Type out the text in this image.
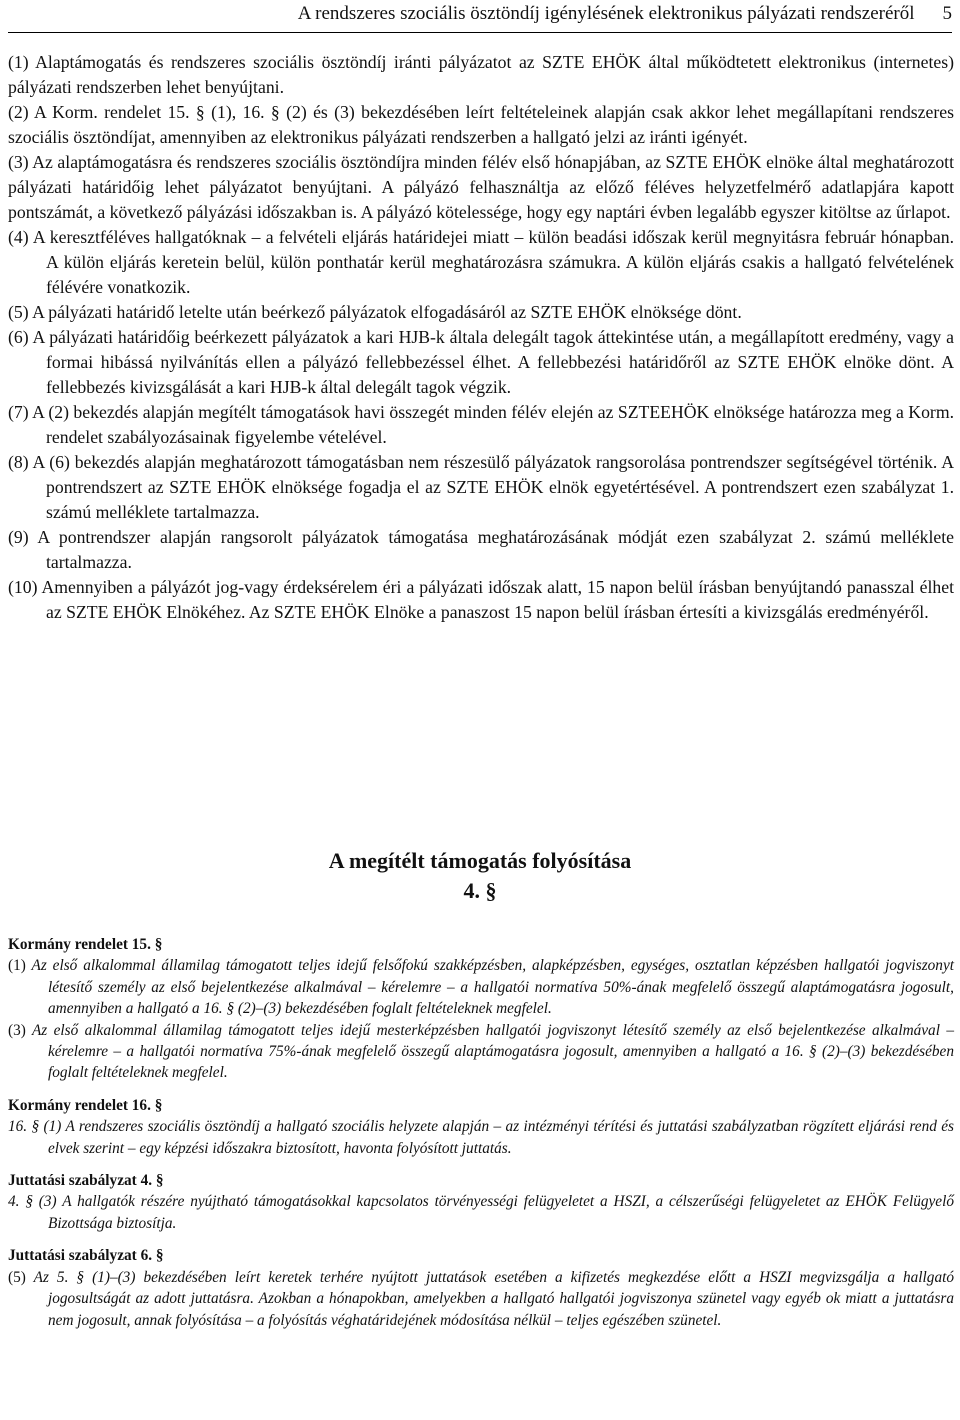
A rendszeres szociális ösztöndíj igénylésének elektronikus pályázati rendszeréről 5

(1) Alaptámogatás és rendszeres szociális ösztöndíj iránti pályázatot az SZTE EHÖK által működtetett elektronikus (internetes) pályázati rendszerben lehet benyújtani.

(2) A Korm. rendelet 15. § (1), 16. § (2) és (3) bekezdésében leírt feltételeinek alapján csak akkor lehet megállapítani rendszeres szociális ösztöndíjat, amennyiben az elektronikus pályázati rendszerben a hallgató jelzi az iránti igényét.

(3) Az alaptámogatásra és rendszeres szociális ösztöndíjra minden félév első hónapjában, az SZTE EHÖK elnöke által meghatározott pályázati határidőig lehet pályázatot benyújtani. A pályázó felhasználtja az előző féléves helyzetfelmérő adatlapjára kapott pontszámát, a következő pályázási időszakban is. A pályázó kötelessége, hogy egy naptári évben legalább egyszer kitöltse az űrlapot.

(4) A keresztféléves hallgatóknak – a felvételi eljárás határidejei miatt – külön beadási időszak kerül megnyitásra február hónapban. A külön eljárás keretein belül, külön ponthatár kerül meghatározásra számukra. A külön eljárás csakis a hallgató felvételének félévére vonatkozik.

(5) A pályázati határidő letelte után beérkező pályázatok elfogadásáról az SZTE EHÖK elnöksége dönt.

(6) A pályázati határidőig beérkezett pályázatok a kari HJB-k általa delegált tagok áttekintése után, a megállapított eredmény, vagy a formai hibássá nyilvánítás ellen a pályázó fellebbezéssel élhet. A fellebbezési határidőről az SZTE EHÖK elnöke dönt. A fellebbezés kivizsgálását a kari HJB-k által delegált tagok végzik.

(7) A (2) bekezdés alapján megítélt támogatások havi összegét minden félév elején az SZTEEHÖK elnöksége határozza meg a Korm. rendelet szabályozásainak figyelembe vételével.

(8) A (6) bekezdés alapján meghatározott támogatásban nem részesülő pályázatok rangsorolása pontrendszer segítségével történik. A pontrendszert az SZTE EHÖK elnöksége fogadja el az SZTE EHÖK elnök egyetértésével. A pontrendszert ezen szabályzat 1. számú melléklete tartalmazza.

(9) A pontrendszer alapján rangsorolt pályázatok támogatása meghatározásának módját ezen szabályzat 2. számú melléklete tartalmazza.

(10) Amennyiben a pályázót jog-vagy érdeksérelem éri a pályázati időszak alatt, 15 napon belül írásban benyújtandó panasszal élhet az SZTE EHÖK Elnökéhez. Az SZTE EHÖK Elnöke a panaszost 15 napon belül írásban értesíti a kivizsgálás eredményéről.

A megítélt támogatás folyósítása
4. §

Kormány rendelet 15. §

(1) Az első alkalommal államilag támogatott teljes idejű felsőfokú szakképzésben, alapképzésben, egységes, osztatlan képzésben hallgatói jogviszonyt létesítő személy az első bejelentkezése alkalmával – kérelemre – a hallgatói normatíva 50%-ának megfelelő összegű alaptámogatásra jogosult, amennyiben a hallgató a 16. § (2)–(3) bekezdésében foglalt feltételeknek megfelel.

(3) Az első alkalommal államilag támogatott teljes idejű mesterképzésben hallgatói jogviszonyt létesítő személy az első bejelentkezése alkalmával – kérelemre – a hallgatói normatíva 75%-ának megfelelő összegű alaptámogatásra jogosult, amennyiben a hallgató a 16. § (2)–(3) bekezdésében foglalt feltételeknek megfelel.

Kormány rendelet 16. §

16. § (1) A rendszeres szociális ösztöndíj a hallgató szociális helyzete alapján – az intézményi térítési és juttatási szabályzatban rögzített eljárási rend és elvek szerint – egy képzési időszakra biztosított, havonta folyósított juttatás.

Juttatási szabályzat 4. §

4. § (3) A hallgatók részére nyújtható támogatásokkal kapcsolatos törvényességi felügyeletet a HSZI, a célszerűségi felügyeletet az EHÖK Felügyelő Bizottsága biztosítja.

Juttatási szabályzat 6. §

(5) Az 5. § (1)–(3) bekezdésében leírt keretek terhére nyújtott juttatások esetében a kifizetés megkezdése előtt a HSZI megvizsgálja a hallgató jogosultságát az adott juttatásra. Azokban a hónapokban, amelyekben a hallgató hallgatói jogviszonya szünetel vagy egyéb ok miatt a juttatásra nem jogosult, annak folyósítása – a folyósítás véghatáridejének módosítása nélkül – teljes egészében szünetel.
